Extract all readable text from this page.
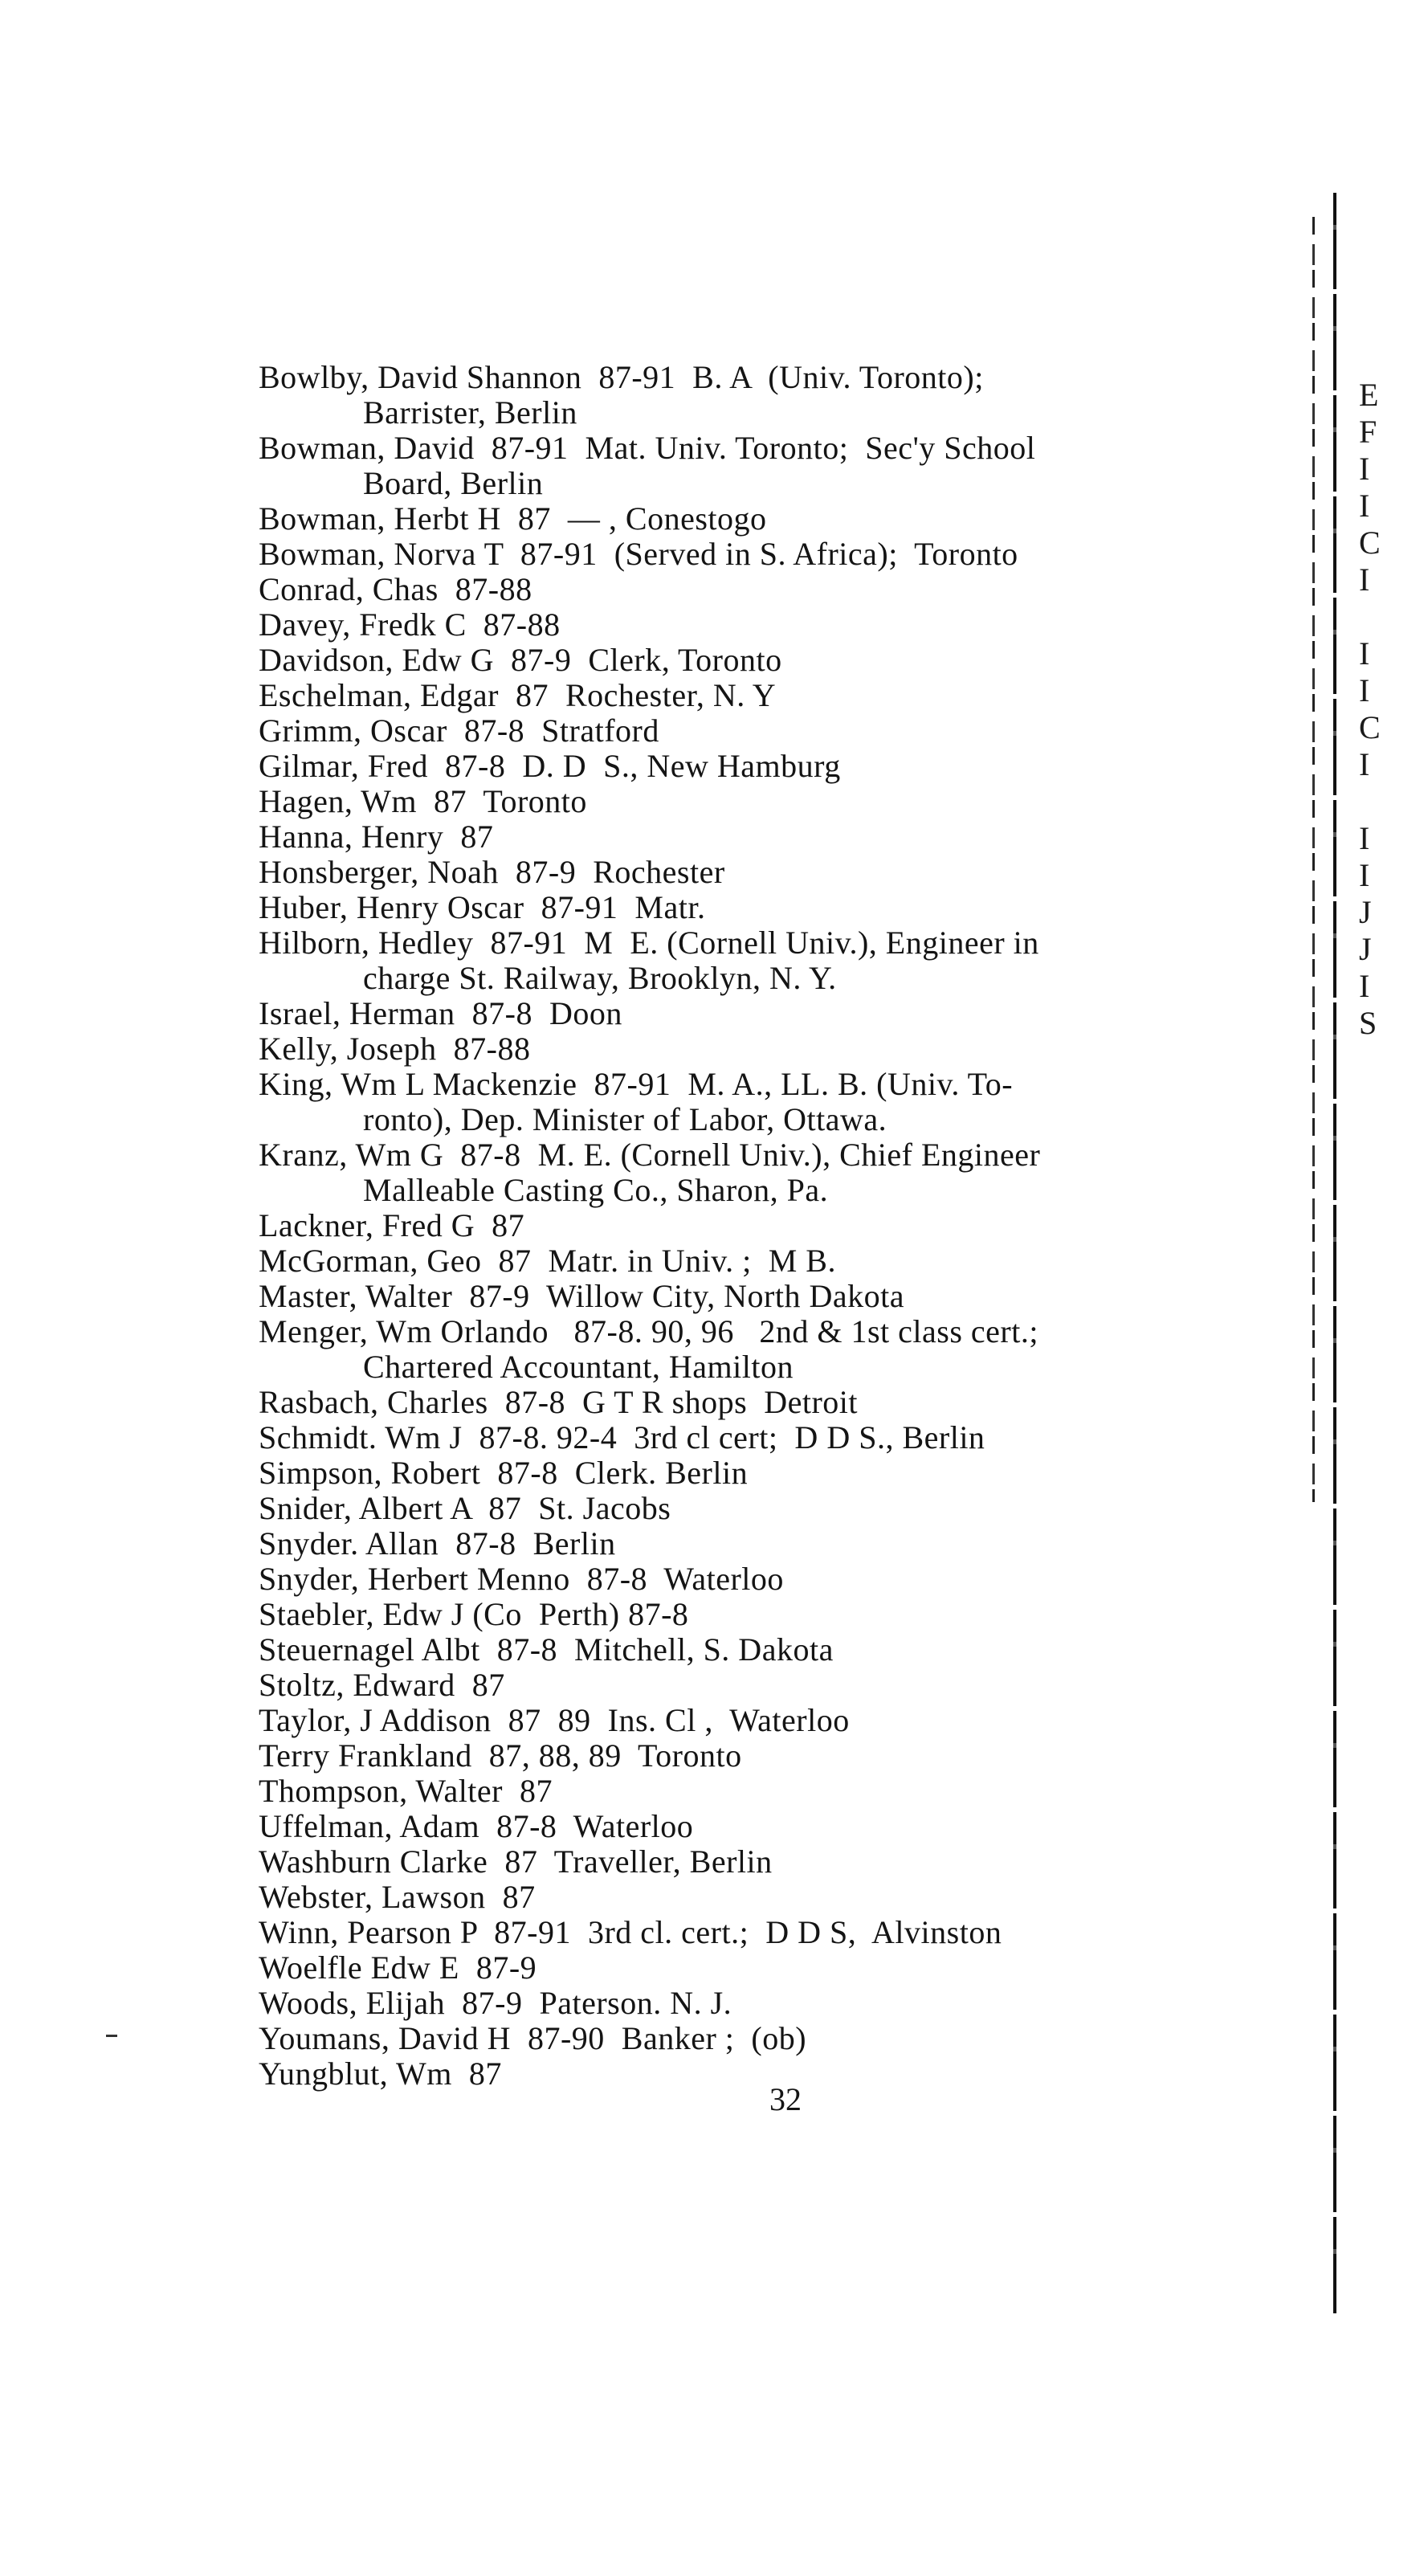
Bowlby, David Shannon  87-91  B. A  (Univ. Toronto);
Barrister, Berlin
Bowman, David  87-91  Mat. Univ. Toronto;  Sec'y School
Board, Berlin
Bowman, Herbt H  87  — , Conestogo
Bowman, Norva T  87-91  (Served in S. Africa);  Toronto
Conrad, Chas  87-88
Davey, Fredk C  87-88
Davidson, Edw G  87-9  Clerk, Toronto
Eschelman, Edgar  87  Rochester, N. Y
Grimm, Oscar  87-8  Stratford
Gilmar, Fred  87-8  D. D  S., New Hamburg
Hagen, Wm  87  Toronto
Hanna, Henry  87
Honsberger, Noah  87-9  Rochester
Huber, Henry Oscar  87-91  Matr.
Hilborn, Hedley  87-91  M  E. (Cornell Univ.), Engineer in
charge St. Railway, Brooklyn, N. Y.
Israel, Herman  87-8  Doon
Kelly, Joseph  87-88
King, Wm L Mackenzie  87-91  M. A., LL. B. (Univ. To-
ronto), Dep. Minister of Labor, Ottawa.
Kranz, Wm G  87-8  M. E. (Cornell Univ.), Chief Engineer
Malleable Casting Co., Sharon, Pa.
Lackner, Fred G  87
McGorman, Geo  87  Matr. in Univ. ;  M B.
Master, Walter  87-9  Willow City, North Dakota
Menger, Wm Orlando   87-8. 90, 96   2nd & 1st class cert.;
Chartered Accountant, Hamilton
Rasbach, Charles  87-8  G T R shops  Detroit
Schmidt. Wm J  87-8. 92-4  3rd cl cert;  D D S., Berlin
Simpson, Robert  87-8  Clerk. Berlin
Snider, Albert A  87  St. Jacobs
Snyder. Allan  87-8  Berlin
Snyder, Herbert Menno  87-8  Waterloo
Staebler, Edw J (Co  Perth) 87-8
Steuernagel Albt  87-8  Mitchell, S. Dakota
Stoltz, Edward  87
Taylor, J Addison  87  89  Ins. Cl ,  Waterloo
Terry Frankland  87, 88, 89  Toronto
Thompson, Walter  87
Uffelman, Adam  87-8  Waterloo
Washburn Clarke  87  Traveller, Berlin
Webster, Lawson  87
Winn, Pearson P  87-91  3rd cl. cert.;  D D S,  Alvinston
Woelfle Edw E  87-9
Woods, Elijah  87-9  Paterson. N. J.
Youmans, David H  87-90  Banker ;  (ob)
Yungblut, Wm  87
32
E
F
I
I
C
I
I
I
C
I
I
I
J
J
I
S
